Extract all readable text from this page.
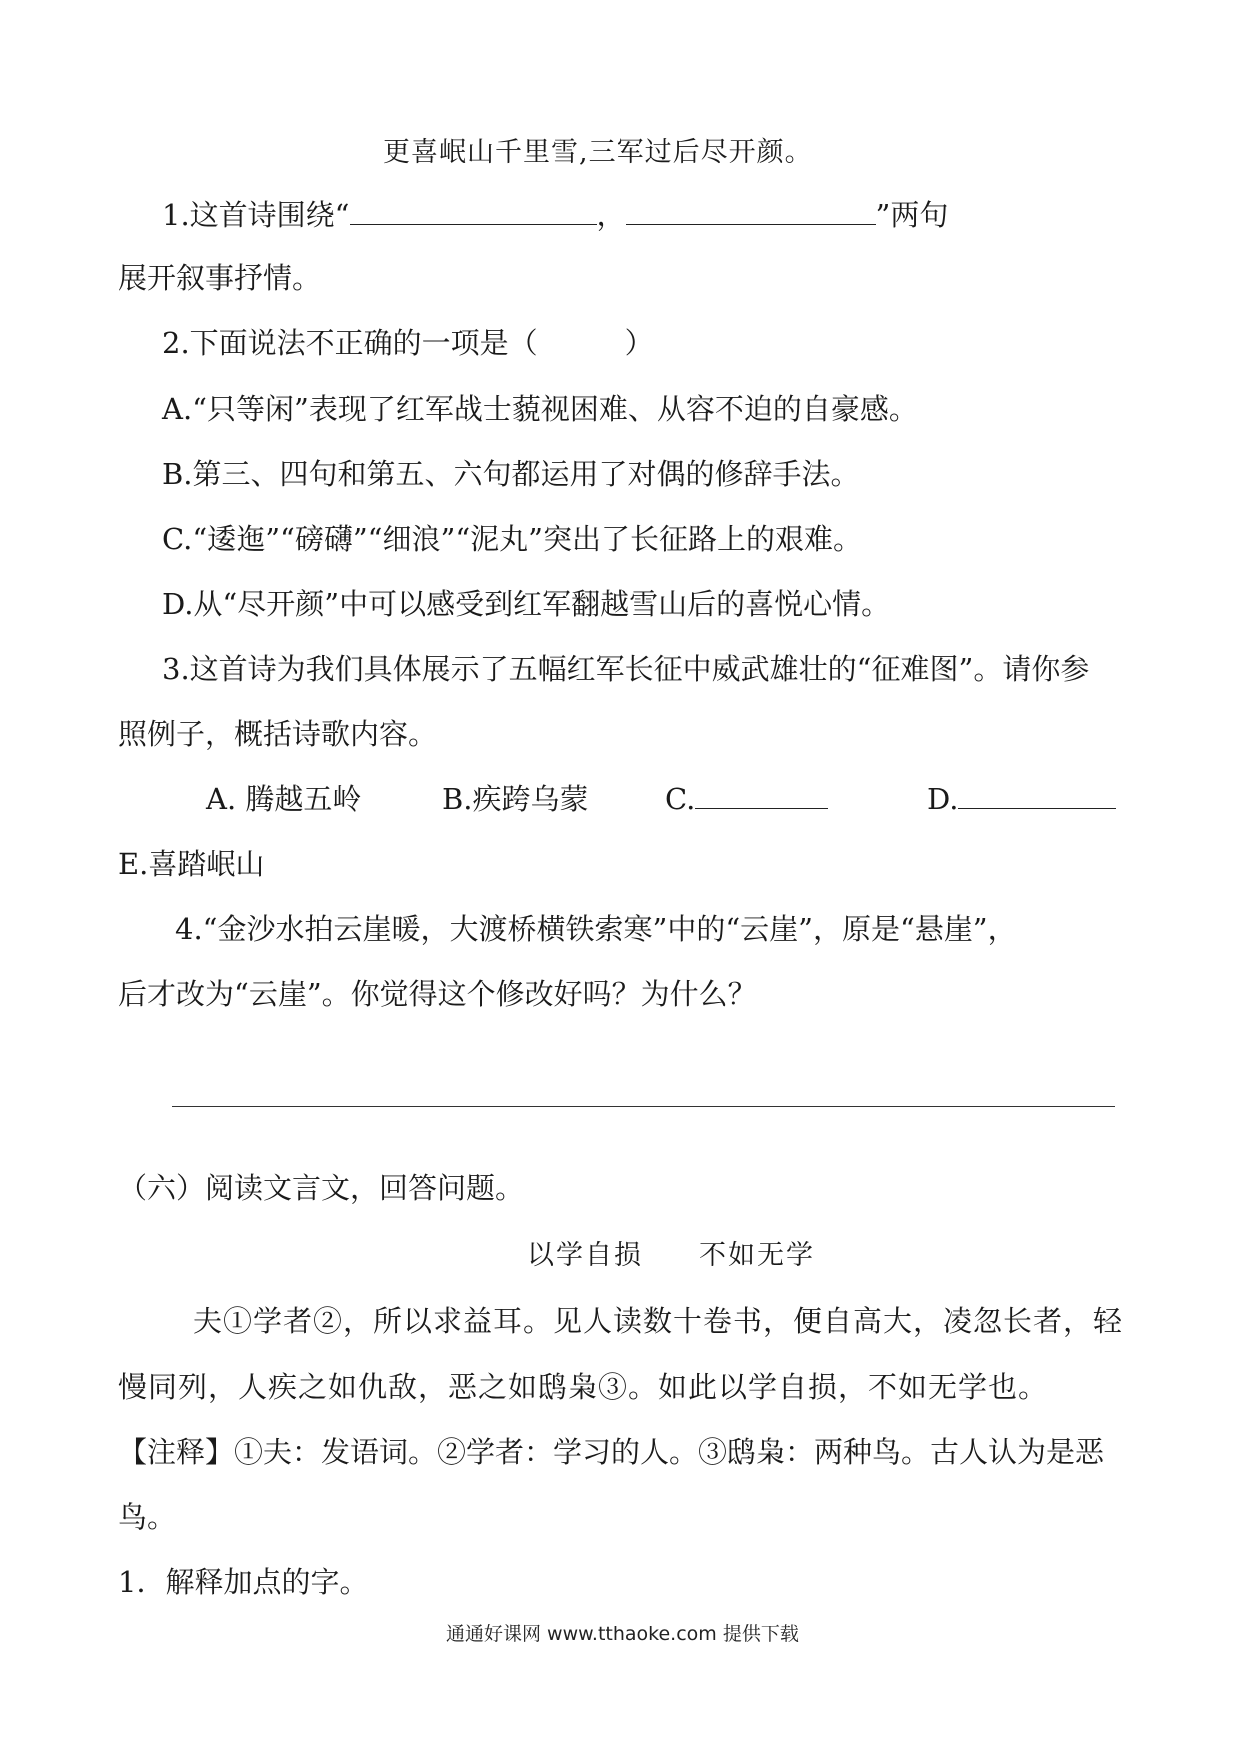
更喜岷山千里雪,三军过后尽开颜。
1.这首诗围绕“	，	”两句
展开叙事抒情。
2.下面说法不正确的一项是（　　　）
A.“只等闲”表现了红军战士藐视困难、从容不迫的自豪感。
B.第三、四句和第五、六句都运用了对偶的修辞手法。
C.“逶迤”“磅礴”“细浪”“泥丸”突出了长征路上的艰难。
D.从“尽开颜”中可以感受到红军翻越雪山后的喜悦心情。
3.这首诗为我们具体展示了五幅红军长征中威武雄壮的“征难图”。请你参
照例子，概括诗歌内容。
A. 腾越五岭	B.疾跨乌蒙	C.	D.
E.喜踏岷山
4.“金沙水拍云崖暖，大渡桥横铁索寒”中的“云崖”，原是“悬崖”，
后才改为“云崖”。你觉得这个修改好吗？为什么？
（六）阅读文言文，回答问题。
以学自损 不如无学
夫①学者②，所以求益耳。见人读数十卷书，便自高大，凌忽长者，轻
慢同列，人疾之如仇敌，恶之如鸱枭③。如此以学自损，不如无学也。
【注释】①夫：发语词。②学者：学习的人。③鸱枭：两种鸟。古人认为是恶
鸟。
1．解释加点的字。
通通好课网 www.tthaoke.com 提供下载
